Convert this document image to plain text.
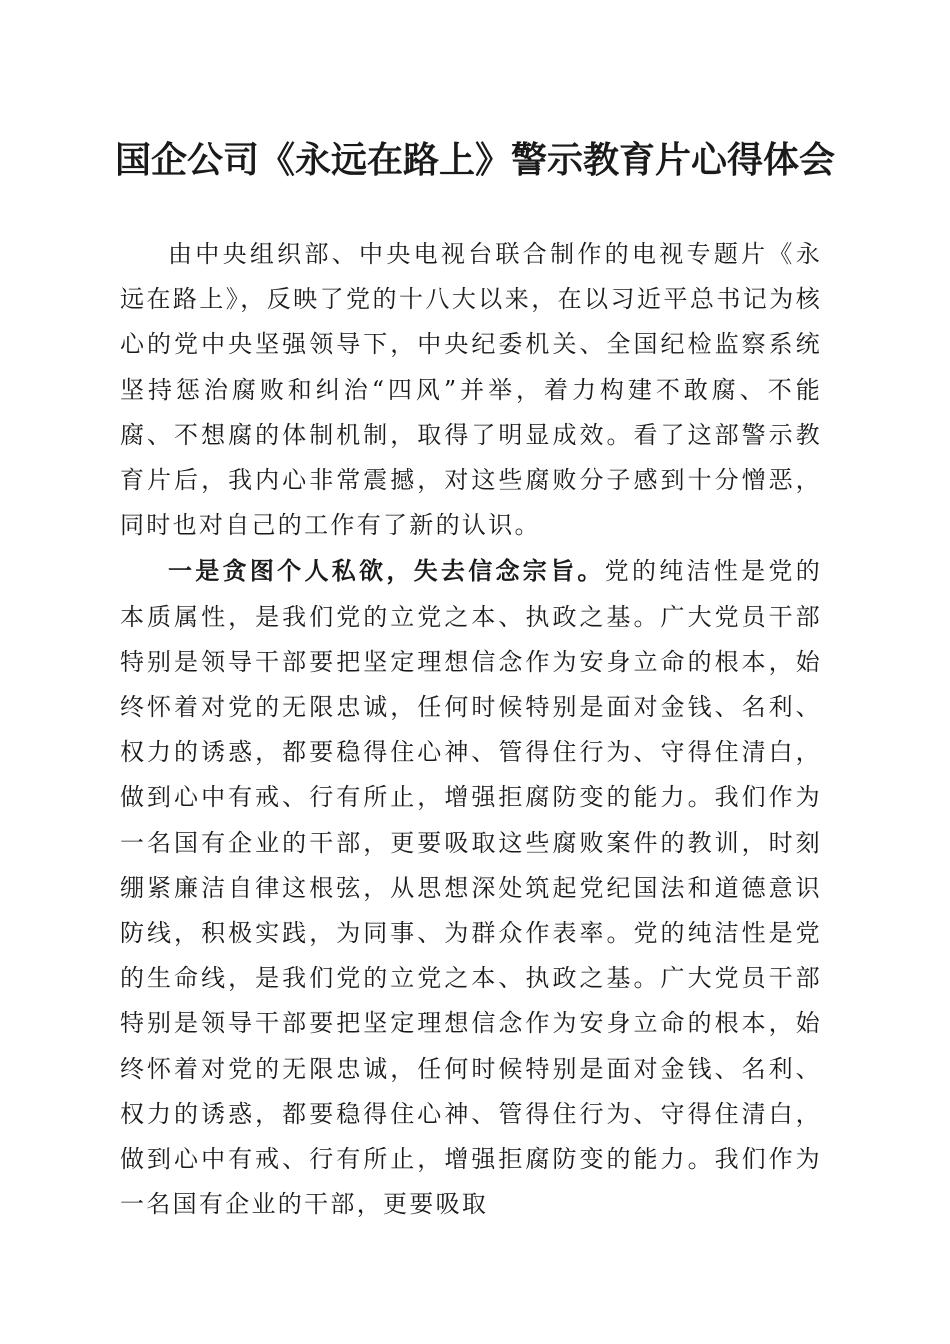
国企公司《永远在路上》警示教育片心得体会

由中央组织部、中央电视台联合制作的电视专题片《永远在路上》，反映了党的十八大以来，在以习近平总书记为核心的党中央坚强领导下，中央纪委机关、全国纪检监察系统坚持惩治腐败和纠治“四风”并举，着力构建不敢腐、不能腐、不想腐的体制机制，取得了明显成效。看了这部警示教育片后，我内心非常震撼，对这些腐败分子感到十分憎恶，同时也对自己的工作有了新的认识。

一是贪图个人私欲，失去信念宗旨。党的纯洁性是党的本质属性，是我们党的立党之本、执政之基。广大党员干部特别是领导干部要把坚定理想信念作为安身立命的根本，始终怀着对党的无限忠诚，任何时候特别是面对金钱、名利、权力的诱惑，都要稳得住心神、管得住行为、守得住清白，做到心中有戒、行有所止，增强拒腐防变的能力。我们作为一名国有企业的干部，更要吸取这些腐败案件的教训，时刻绷紧廉洁自律这根弦，从思想深处筑起党纪国法和道德意识防线，积极实践，为同事、为群众作表率。党的纯洁性是党的生命线，是我们党的立党之本、执政之基。广大党员干部特别是领导干部要把坚定理想信念作为安身立命的根本，始终怀着对党的无限忠诚，任何时候特别是面对金钱、名利、权力的诱惑，都要稳得住心神、管得住行为、守得住清白，做到心中有戒、行有所止，增强拒腐防变的能力。我们作为一名国有企业的干部，更要吸取
